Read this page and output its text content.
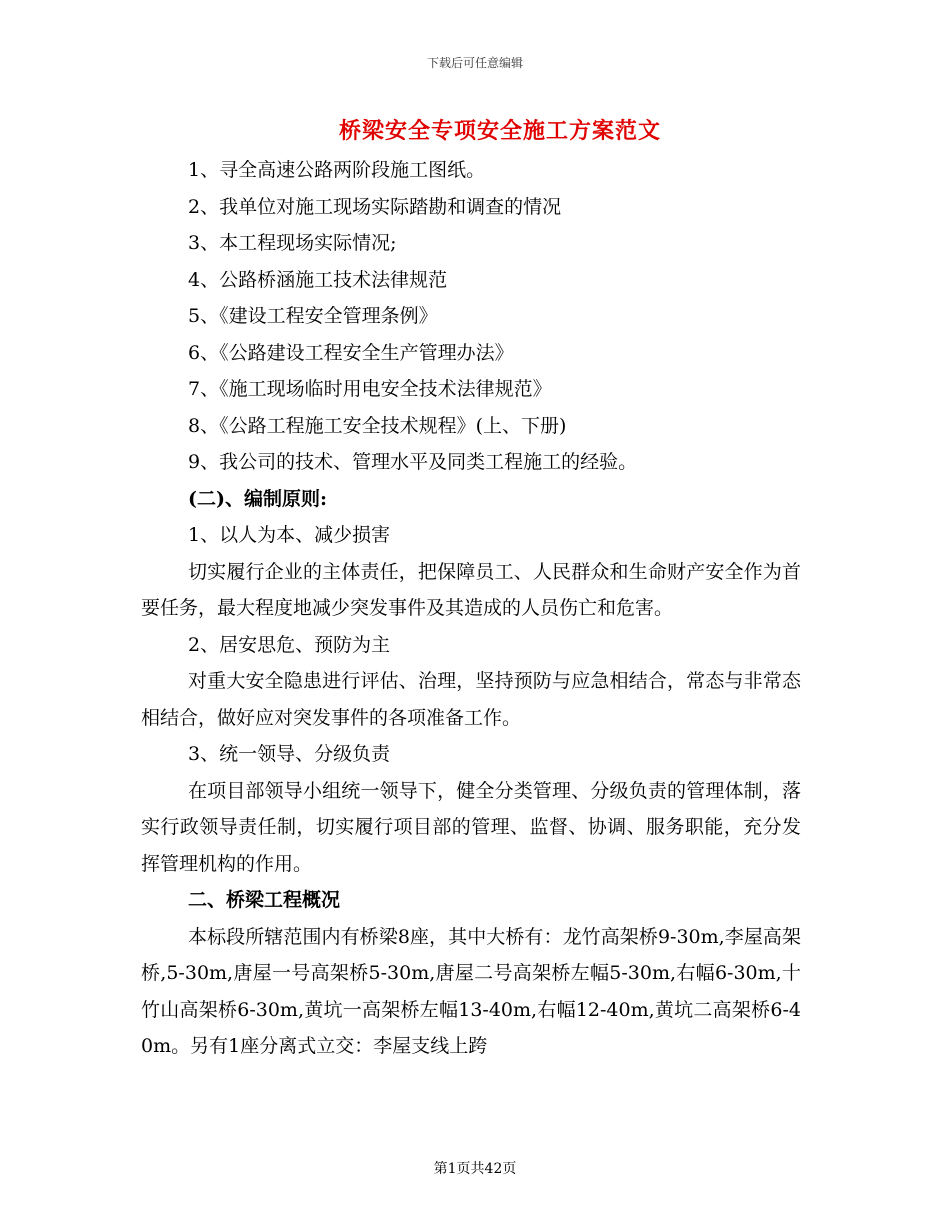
下载后可任意编辑
桥梁安全专项安全施工方案范文
1、寻全高速公路两阶段施工图纸。
2、我单位对施工现场实际踏勘和调查的情况
3、本工程现场实际情况;
4、公路桥涵施工技术法律规范
5、《建设工程安全管理条例》
6、《公路建设工程安全生产管理办法》
7、《施工现场临时用电安全技术法律规范》
8、《公路工程施工安全技术规程》(上、下册)
9、我公司的技术、管理水平及同类工程施工的经验。
(二)、编制原则:
1、以人为本、减少损害
切实履行企业的主体责任，把保障员工、人民群众和生命财产安全作为首要任务，最大程度地减少突发事件及其造成的人员伤亡和危害。
2、居安思危、预防为主
对重大安全隐患进行评估、治理，坚持预防与应急相结合，常态与非常态相结合，做好应对突发事件的各项准备工作。
3、统一领导、分级负责
在项目部领导小组统一领导下，健全分类管理、分级负责的管理体制，落实行政领导责任制，切实履行项目部的管理、监督、协调、服务职能，充分发挥管理机构的作用。
二、桥梁工程概况
本标段所辖范围内有桥梁8座，其中大桥有：龙竹高架桥9-30m,李屋高架桥,5-30m,唐屋一号高架桥5-30m,唐屋二号高架桥左幅5-30m,右幅6-30m,十竹山高架桥6-30m,黄坑一高架桥左幅13-40m,右幅12-40m,黄坑二高架桥6-40m。另有1座分离式立交：李屋支线上跨
第1页共42页
